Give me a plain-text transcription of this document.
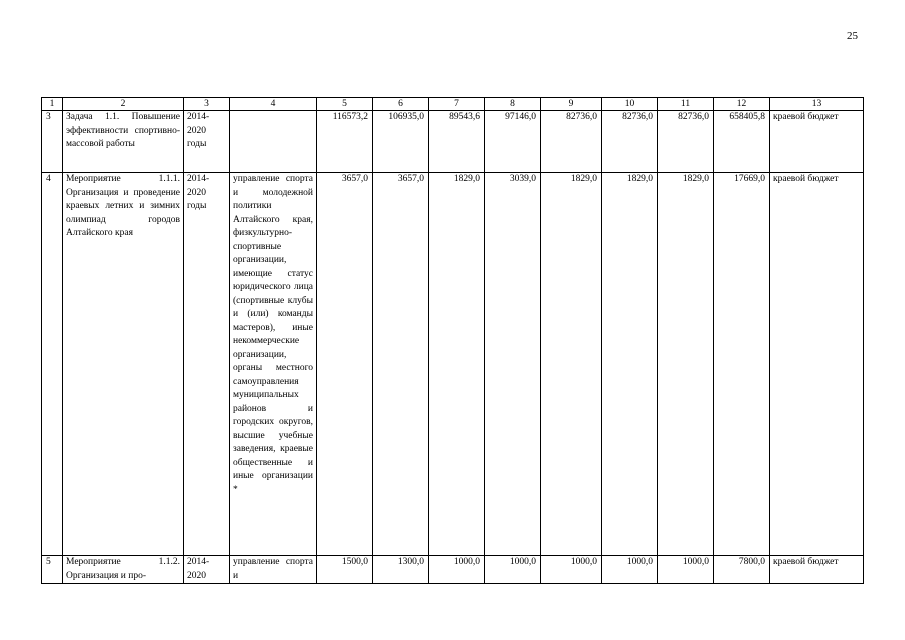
25
1	2	3	4	5	6	7	8	9	10	11	12	13
3	Задача 1.1. Повышение эффективности спортивно-массовой работы	2014-2020 годы		116573,2	106935,0	89543,6	97146,0	82736,0	82736,0	82736,0	658405,8	краевой бюджет
4	Мероприятие 1.1.1. Организация и проведение краевых летних и зимних олимпиад городов Алтайского края	2014-2020 годы	управление спорта и молодежной политики Алтайского края, физкультурно-спортивные организации, имеющие статус юридического лица (спортивные клубы и (или) команды мастеров), иные некоммерческие организации, органы местного самоуправления муниципальных районов и городских округов, высшие учебные заведения, краевые общественные и иные организации *	3657,0	3657,0	1829,0	3039,0	1829,0	1829,0	1829,0	17669,0	краевой бюджет
5	Мероприятие 1.1.2. Организация и про-	2014-2020	управление спорта и	1500,0	1300,0	1000,0	1000,0	1000,0	1000,0	1000,0	7800,0	краевой бюджет
